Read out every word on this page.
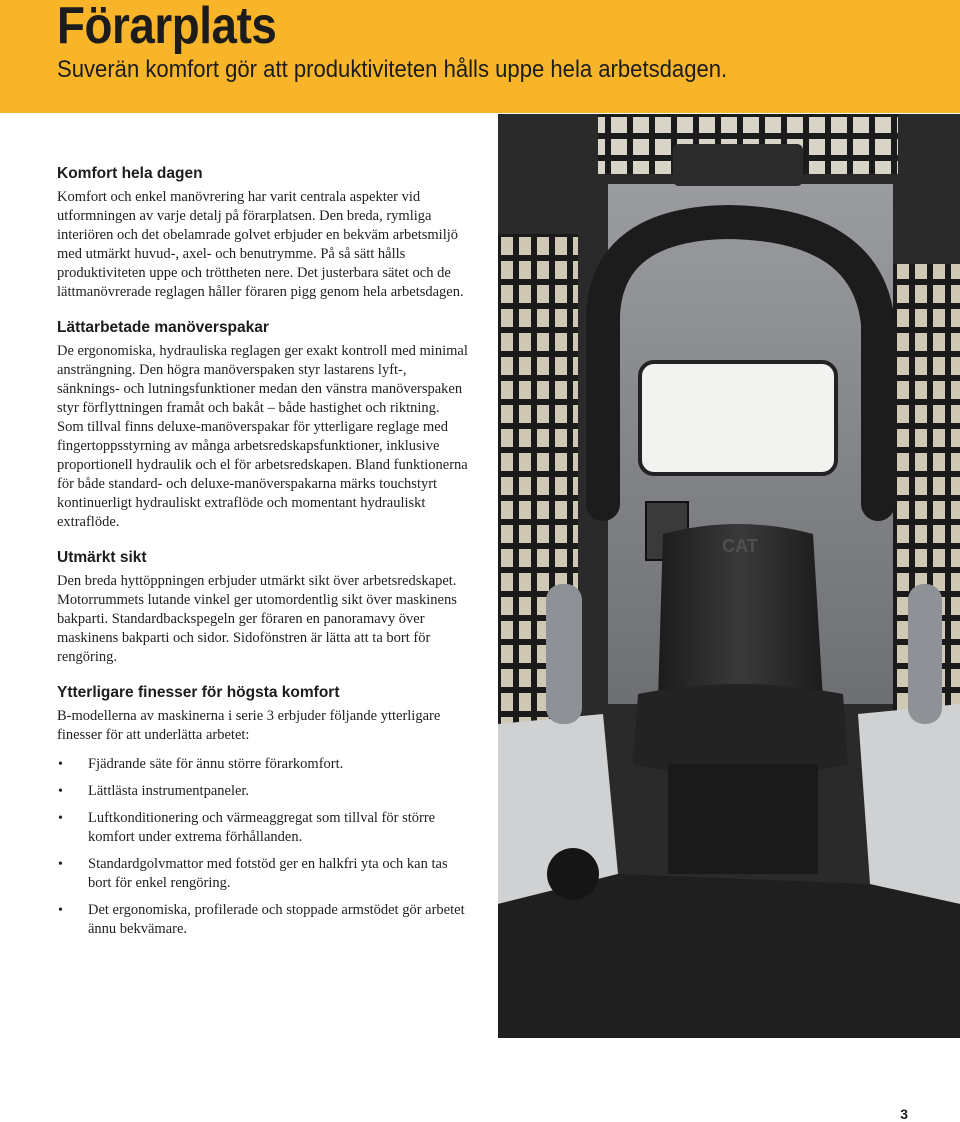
Förarplats

Suverän komfort gör att produktiviteten hålls uppe hela arbetsdagen.

Komfort hela dagen

Komfort och enkel manövrering har varit centrala aspekter vid utformningen av varje detalj på förarplatsen. Den breda, rymliga interiören och det obelamrade golvet erbjuder en bekväm arbetsmiljö med utmärkt huvud-, axel- och benutrymme. På så sätt hålls produktiviteten uppe och tröttheten nere. Det justerbara sätet och de lättmanövrerade reglagen håller föraren pigg genom hela arbetsdagen.

Lättarbetade manöverspakar

De ergonomiska, hydrauliska reglagen ger exakt kontroll med minimal ansträngning. Den högra manöverspaken styr lastarens lyft-, sänknings- och lutningsfunktioner medan den vänstra manöverspaken styr förflyttningen framåt och bakåt – både hastighet och riktning. Som tillval finns deluxe-manöverspakar för ytterligare reglage med fingertoppsstyrning av många arbetsredskapsfunktioner, inklusive proportionell hydraulik och el för arbetsredskapen. Bland funktionerna för både standard- och deluxe-manöverspakarna märks touchstyrt kontinuerligt hydrauliskt extraflöde och momentant hydrauliskt extraflöde.

Utmärkt sikt

Den breda hyttöppningen erbjuder utmärkt sikt över arbetsredskapet. Motorrummets lutande vinkel ger utomordentlig sikt över maskinens bakparti. Standardbackspegeln ger föraren en panoramavy över maskinens bakparti och sidor. Sidofönstren är lätta att ta bort för rengöring.

Ytterligare finesser för högsta komfort

B-modellerna av maskinerna i serie 3 erbjuder följande ytterligare finesser för att underlätta arbetet:

• Fjädrande säte för ännu större förarkomfort.
• Lättlästa instrumentpaneler.
• Luftkonditionering och värmeaggregat som tillval för större komfort under extrema förhållanden.
• Standardgolvmattor med fotstöd ger en halkfri yta och kan tas bort för enkel rengöring.
• Det ergonomiska, profilerade och stoppade armstödet gör arbetet ännu bekvämare.
CAT
3
